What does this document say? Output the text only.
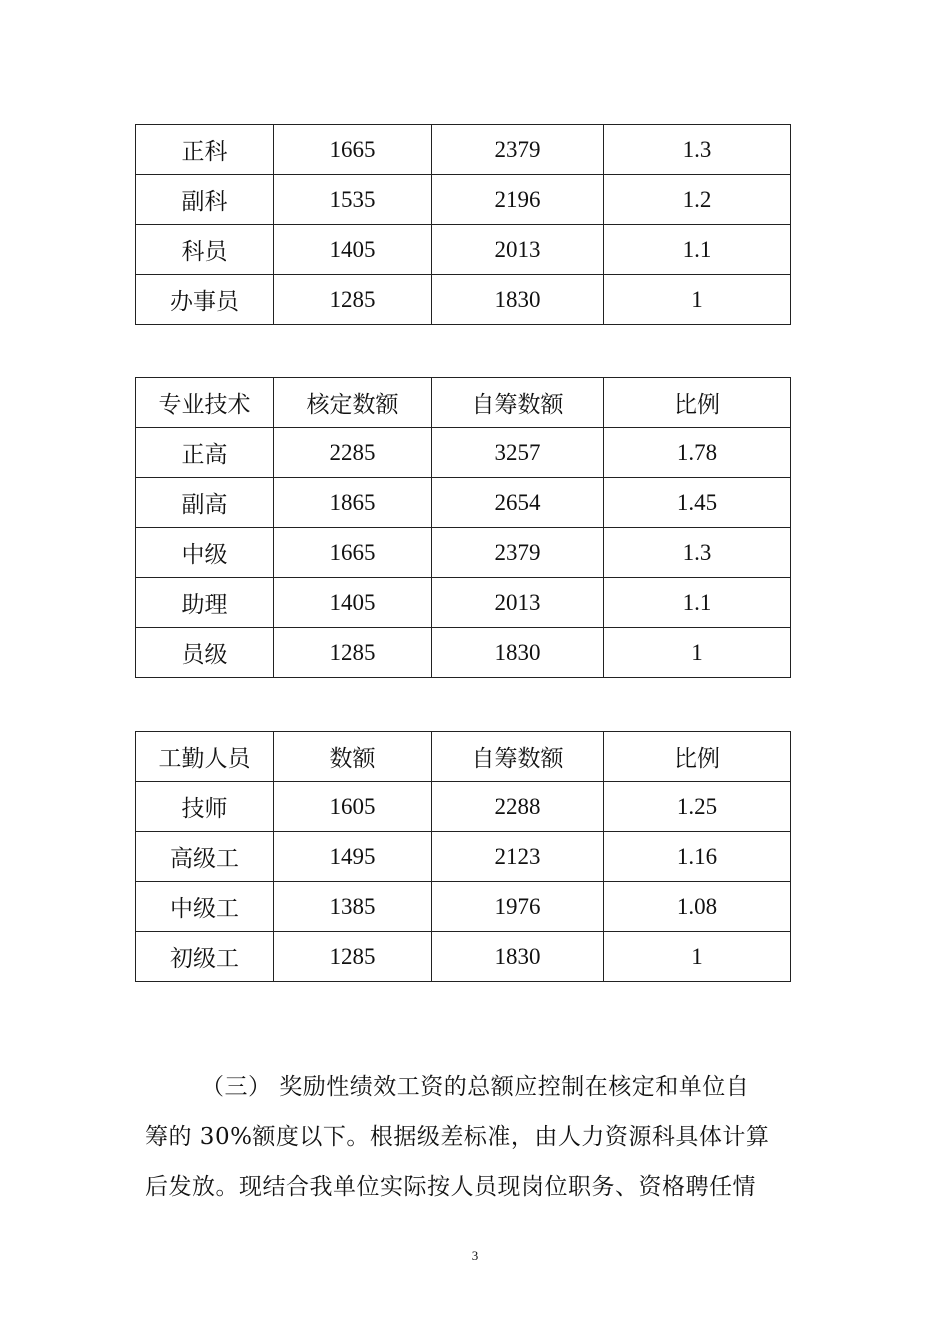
正科	1665	2379	1.3
副科	1535	2196	1.2
科员	1405	2013	1.1
办事员	1285	1830	1
专业技术	核定数额	自筹数额	比例
正高	2285	3257	1.78
副高	1865	2654	1.45
中级	1665	2379	1.3
助理	1405	2013	1.1
员级	1285	1830	1
工勤人员	数额	自筹数额	比例
技师	1605	2288	1.25
高级工	1495	2123	1.16
中级工	1385	1976	1.08
初级工	1285	1830	1
（三） 奖励性绩效工资的总额应控制在核定和单位自
筹的 30%额度以下。根据级差标准，由人力资源科具体计算
后发放。现结合我单位实际按人员现岗位职务、资格聘任情
3
